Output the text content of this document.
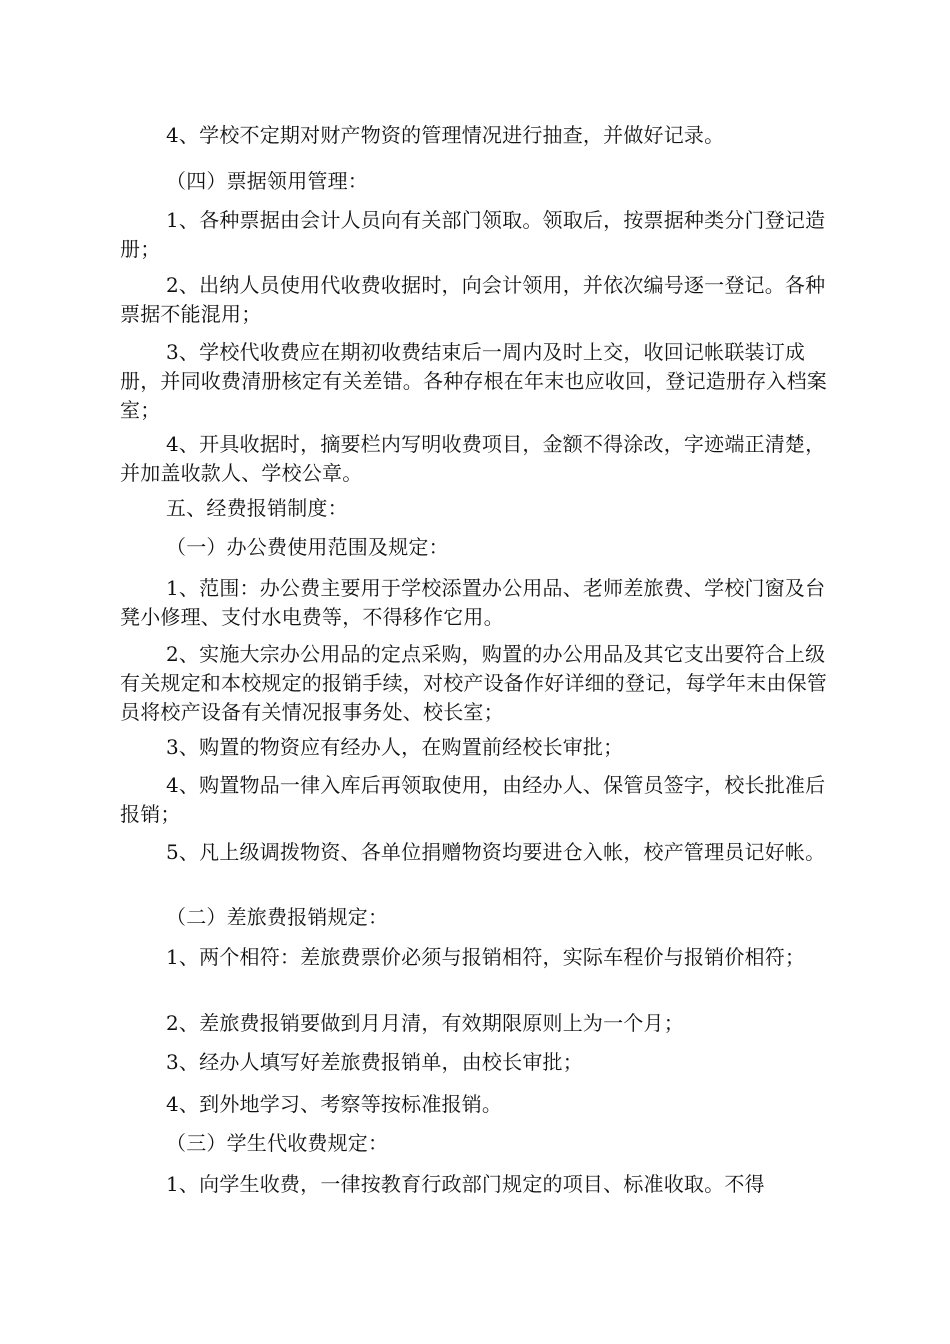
4、学校不定期对财产物资的管理情况进行抽查，并做好记录。

（四）票据领用管理：

1、各种票据由会计人员向有关部门领取。领取后，按票据种类分门登记造册；

2、出纳人员使用代收费收据时，向会计领用，并依次编号逐一登记。各种票据不能混用；

3、学校代收费应在期初收费结束后一周内及时上交，收回记帐联装订成册，并同收费清册核定有关差错。各种存根在年末也应收回，登记造册存入档案室；

4、开具收据时，摘要栏内写明收费项目，金额不得涂改，字迹端正清楚，并加盖收款人、学校公章。

五、经费报销制度：

（一）办公费使用范围及规定：

1、范围：办公费主要用于学校添置办公用品、老师差旅费、学校门窗及台凳小修理、支付水电费等，不得移作它用。

2、实施大宗办公用品的定点采购，购置的办公用品及其它支出要符合上级有关规定和本校规定的报销手续，对校产设备作好详细的登记，每学年末由保管员将校产设备有关情况报事务处、校长室；

3、购置的物资应有经办人，在购置前经校长审批；

4、购置物品一律入库后再领取使用，由经办人、保管员签字，校长批准后报销；

5、凡上级调拨物资、各单位捐赠物资均要进仓入帐，校产管理员记好帐。

（二）差旅费报销规定：

1、两个相符：差旅费票价必须与报销相符，实际车程价与报销价相符；

2、差旅费报销要做到月月清，有效期限原则上为一个月；

3、经办人填写好差旅费报销单，由校长审批；

4、到外地学习、考察等按标准报销。

（三）学生代收费规定：

1、向学生收费，一律按教育行政部门规定的项目、标准收取。不得
